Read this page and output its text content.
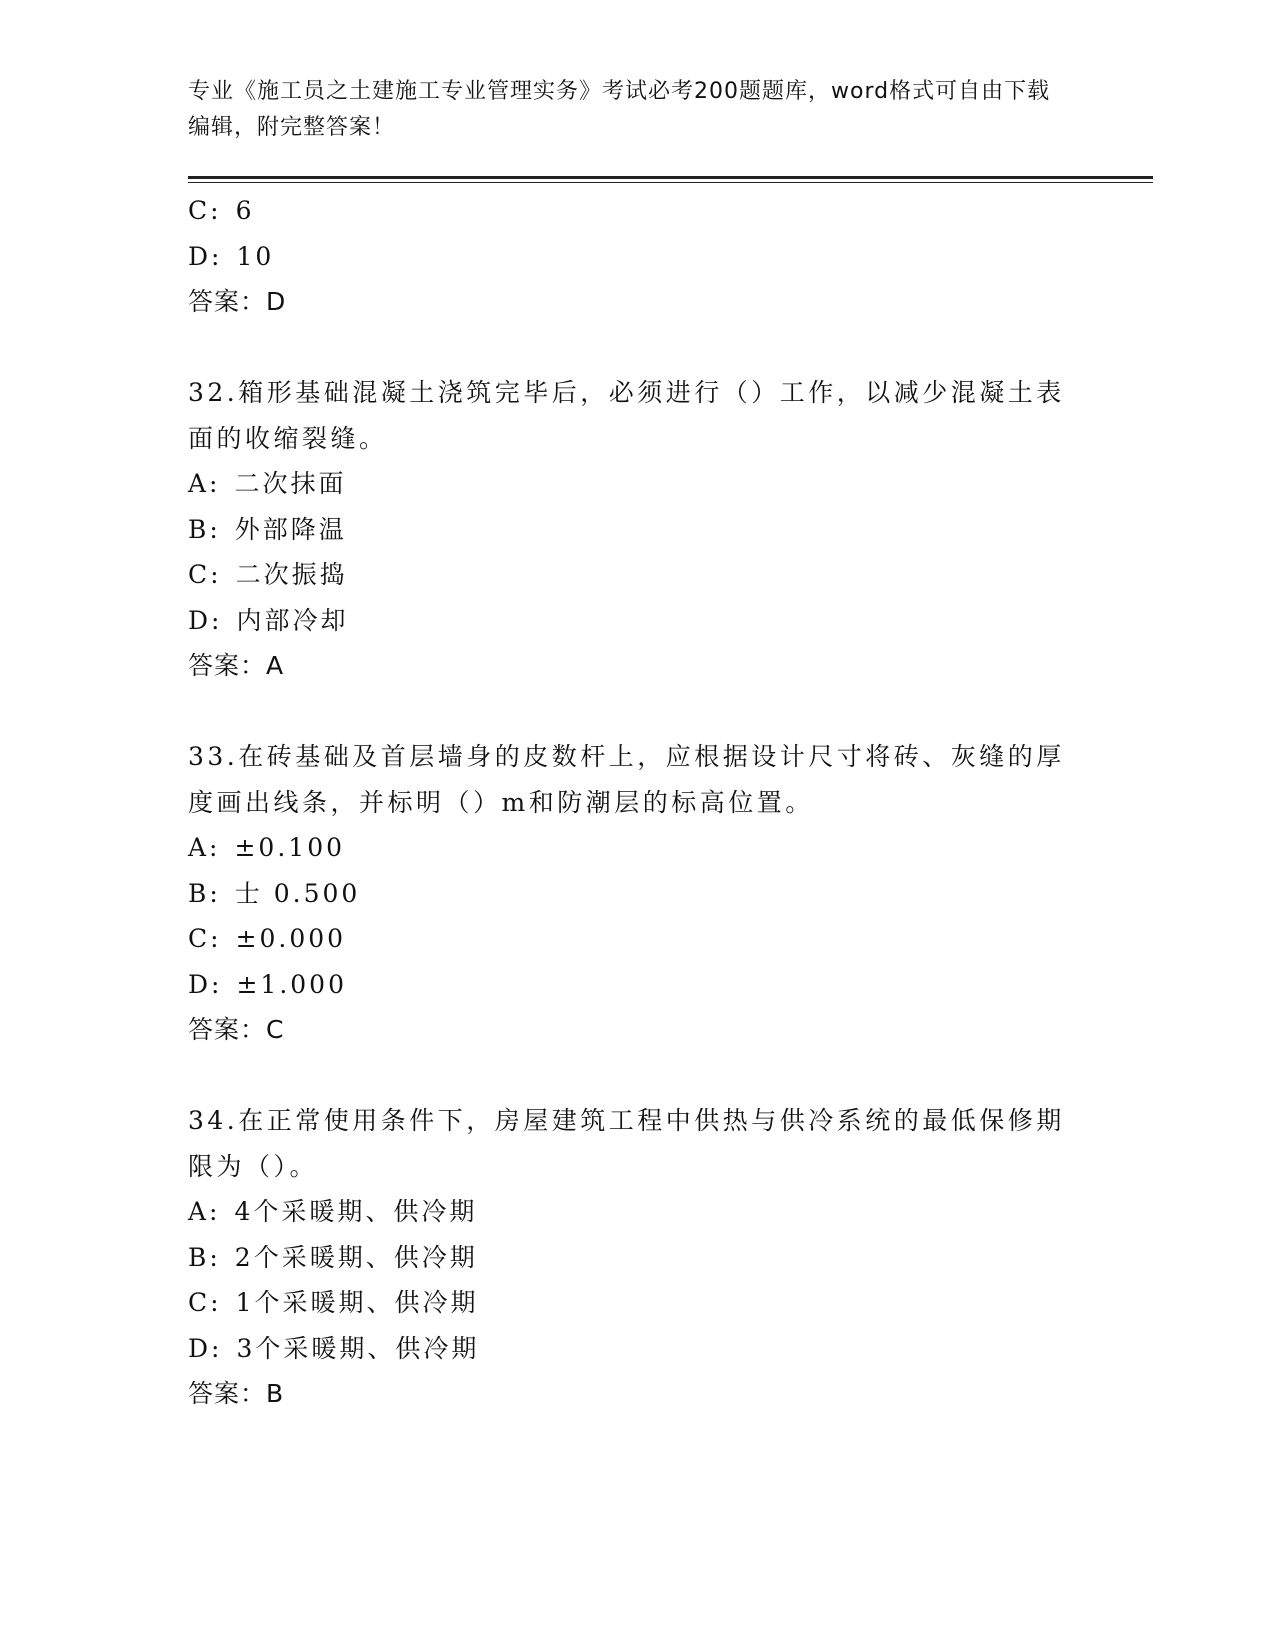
专业《施工员之土建施工专业管理实务》考试必考200题题库，word格式可自由下载编辑，附完整答案！
C: 6
D: 10
答案：D
32.箱形基础混凝土浇筑完毕后，必须进行（）工作，以减少混凝土表面的收缩裂缝。
A: 二次抹面
B: 外部降温
C: 二次振捣
D: 内部冷却
答案：A
33.在砖基础及首层墙身的皮数杆上，应根据设计尺寸将砖、灰缝的厚度画出线条，并标明（）m和防潮层的标高位置。
A: ±0.100
B: 士 0.500
C: ±0.000
D: ±1.000
答案：C
34.在正常使用条件下，房屋建筑工程中供热与供冷系统的最低保修期限为（）。
A: 4个采暖期、供冷期
B: 2个采暖期、供冷期
C: 1个采暖期、供冷期
D: 3个采暖期、供冷期
答案：B
